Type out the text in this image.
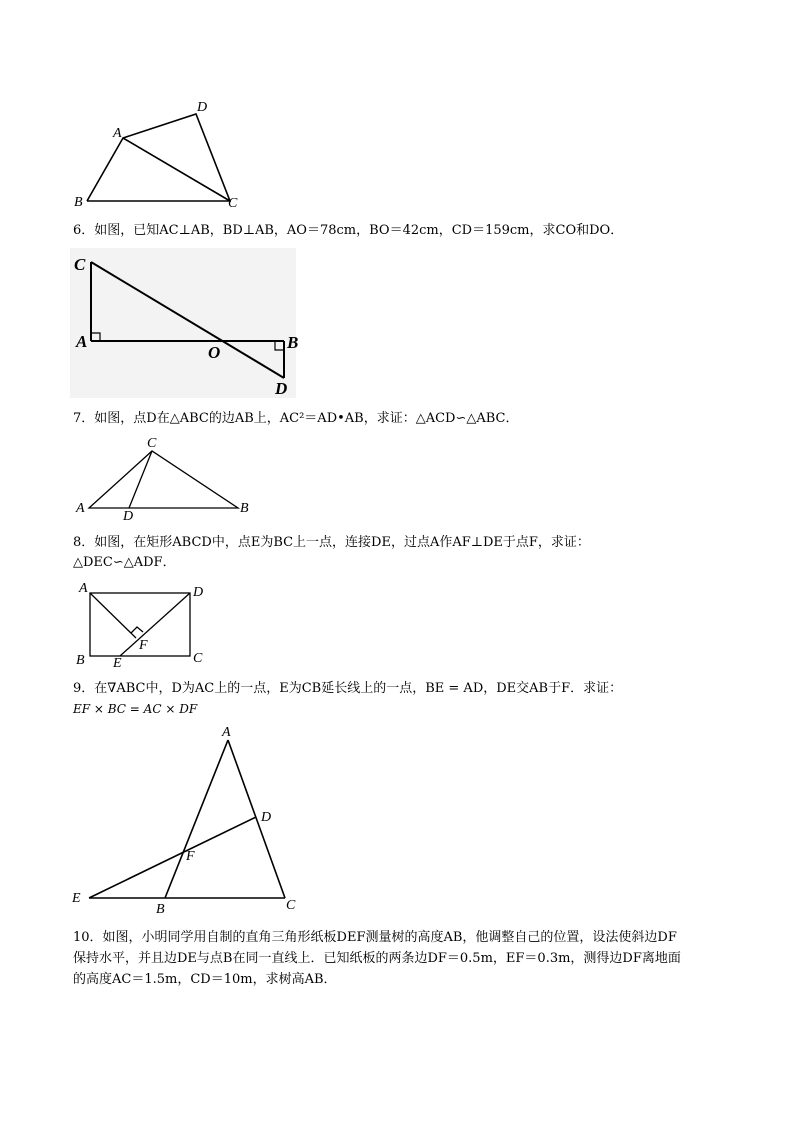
A
D
B	C
6．如图，已知AC⊥AB，BD⊥AB，AO＝78cm，BO＝42cm，CD＝159cm，求CO和DO．
C
A
O
B
D
7．如图，点D在△ABC的边AB上，AC²＝AD•AB，求证：△ACD∽△ABC．
C
A
D
B
8．如图，在矩形ABCD中，点E为BC上一点，连接DE，过点A作AF⊥DE于点F，求证：
△DEC∽△ADF．
A	D
F
B E	C
9．在∇ABC中，D为AC上的一点，E为CB延长线上的一点，BE = AD，DE交AB于F．求证：
EF × BC = AC × DF
A
D
F
E
B	C
10．如图，小明同学用自制的直角三角形纸板DEF测量树的高度AB，他调整自己的位置，设法使斜边DF
保持水平，并且边DE与点B在同一直线上．已知纸板的两条边DF＝0.5m，EF＝0.3m，测得边DF离地面
的高度AC＝1.5m，CD＝10m，求树高AB．
